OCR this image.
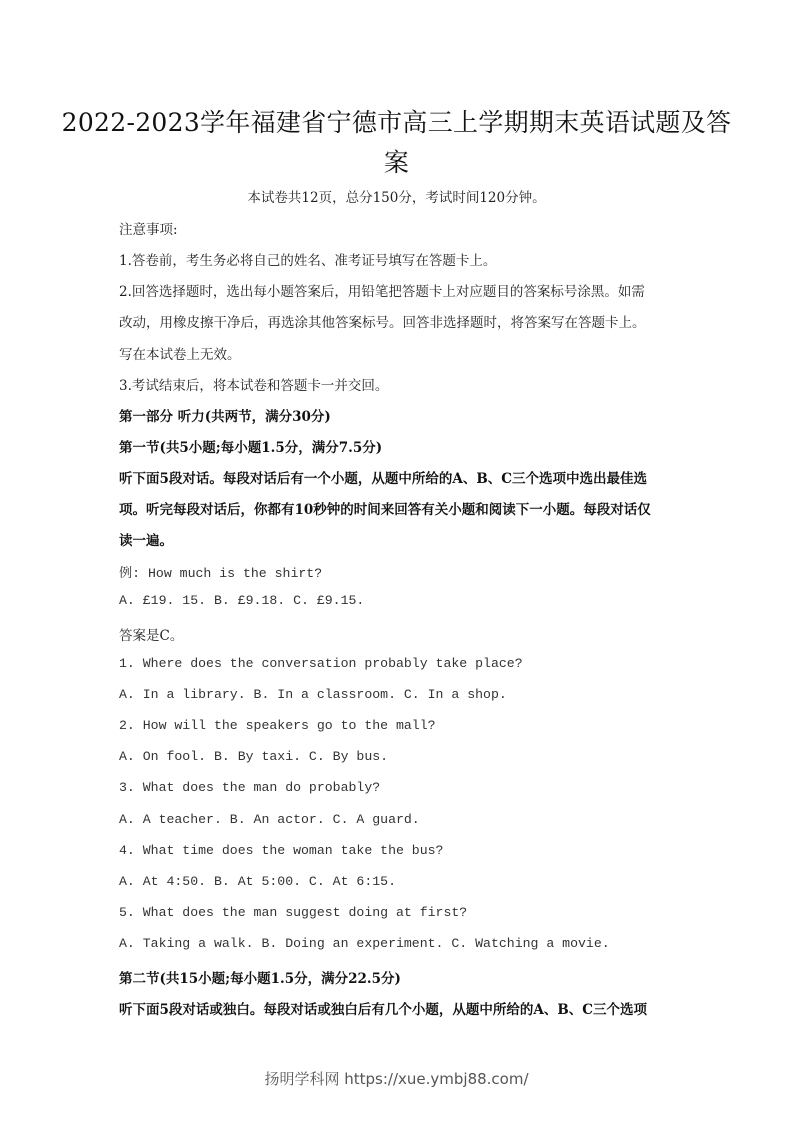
2022-2023学年福建省宁德市高三上学期期末英语试题及答
案
本试卷共12页，总分150分，考试时间120分钟。
注意事项:
1.答卷前，考生务必将自己的姓名、准考证号填写在答题卡上。
2.回答选择题时，选出每小题答案后，用铅笔把答题卡上对应题目的答案标号涂黑。如需
改动，用橡皮擦干净后，再选涂其他答案标号。回答非选择题时，将答案写在答题卡上。
写在本试卷上无效。
3.考试结束后，将本试卷和答题卡一并交回。
第一部分 听力(共两节，满分30分)
第一节(共5小题;每小题1.5分，满分7.5分)
听下面5段对话。每段对话后有一个小题，从题中所给的A、B、C三个选项中选出最佳选
项。听完每段对话后，你都有10秒钟的时间来回答有关小题和阅读下一小题。每段对话仅
读一遍。
例: How much is the shirt?
A. £19. 15. B. £9.18. C. £9.15.
答案是C。
1. Where does the conversation probably take place?
A. In a library. B. In a classroom. C. In a shop.
2. How will the speakers go to the mall?
A. On fool. B. By taxi. C. By bus.
3. What does the man do probably?
A. A teacher. B. An actor. C. A guard.
4. What time does the woman take the bus?
A. At 4:50. B. At 5:00. C. At 6:15.
5. What does the man suggest doing at first?
A. Taking a walk. B. Doing an experiment. C. Watching a movie.
第二节(共15小题;每小题1.5分，满分22.5分)
听下面5段对话或独白。每段对话或独白后有几个小题，从题中所给的A、B、C三个选项
扬明学科网 https://xue.ymbj88.com/
